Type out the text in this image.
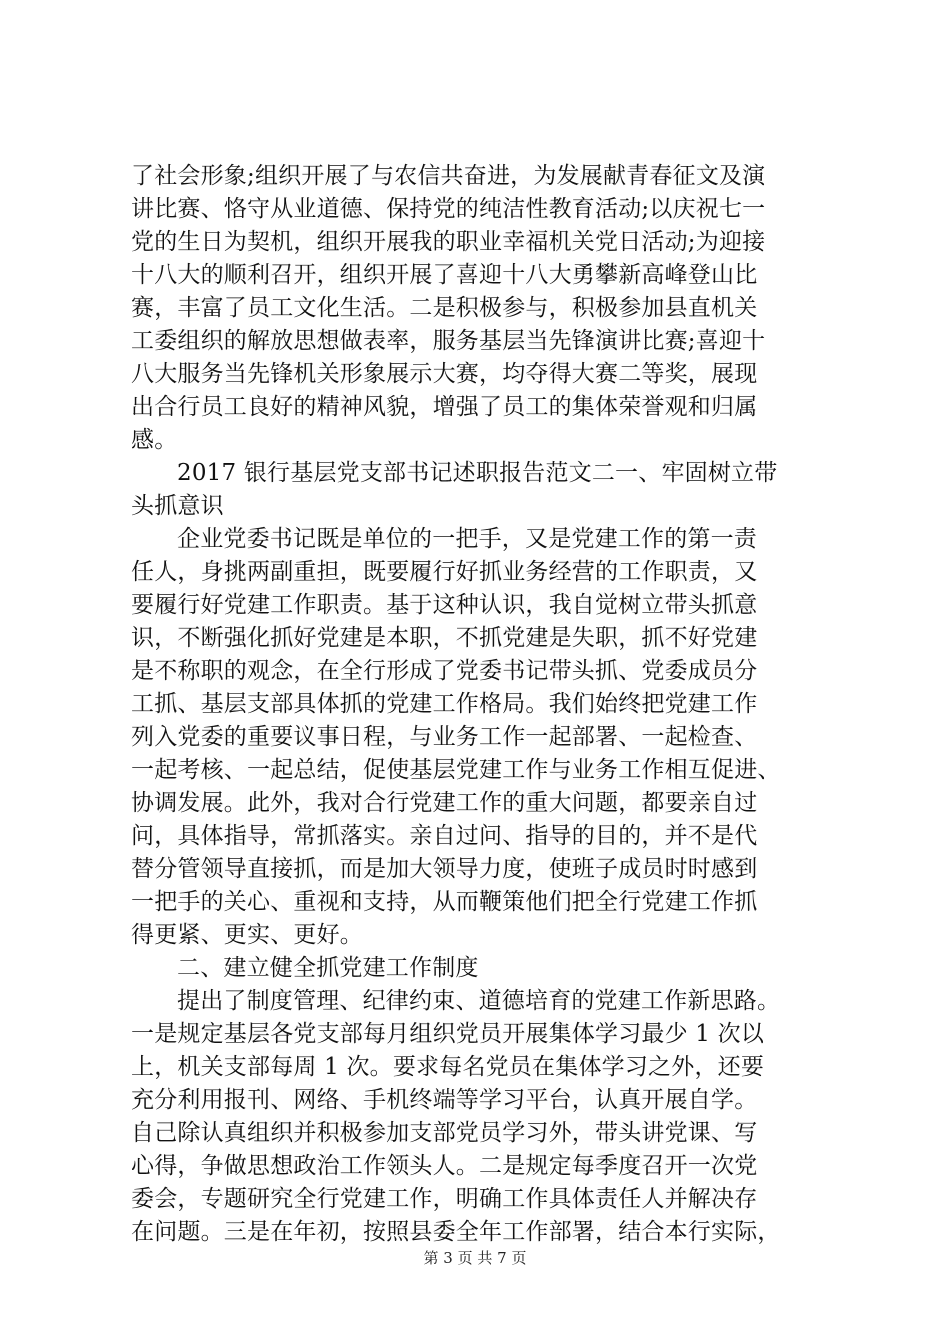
了社会形象;组织开展了与农信共奋进，为发展献青春征文及演
讲比赛、恪守从业道德、保持党的纯洁性教育活动;以庆祝七一
党的生日为契机，组织开展我的职业幸福机关党日活动;为迎接
十八大的顺利召开，组织开展了喜迎十八大勇攀新高峰登山比
赛，丰富了员工文化生活。二是积极参与，积极参加县直机关
工委组织的解放思想做表率，服务基层当先锋演讲比赛;喜迎十
八大服务当先锋机关形象展示大赛，均夺得大赛二等奖，展现
出合行员工良好的精神风貌，增强了员工的集体荣誉观和归属
感。
2017 银行基层党支部书记述职报告范文二一、牢固树立带
头抓意识
企业党委书记既是单位的一把手，又是党建工作的第一责
任人，身挑两副重担，既要履行好抓业务经营的工作职责，又
要履行好党建工作职责。基于这种认识，我自觉树立带头抓意
识，不断强化抓好党建是本职，不抓党建是失职，抓不好党建
是不称职的观念，在全行形成了党委书记带头抓、党委成员分
工抓、基层支部具体抓的党建工作格局。我们始终把党建工作
列入党委的重要议事日程，与业务工作一起部署、一起检查、
一起考核、一起总结，促使基层党建工作与业务工作相互促进、
协调发展。此外，我对合行党建工作的重大问题，都要亲自过
问，具体指导，常抓落实。亲自过问、指导的目的，并不是代
替分管领导直接抓，而是加大领导力度，使班子成员时时感到
一把手的关心、重视和支持，从而鞭策他们把全行党建工作抓
得更紧、更实、更好。
二、建立健全抓党建工作制度
提出了制度管理、纪律约束、道德培育的党建工作新思路。
一是规定基层各党支部每月组织党员开展集体学习最少 1 次以
上，机关支部每周 1 次。要求每名党员在集体学习之外，还要
充分利用报刊、网络、手机终端等学习平台，认真开展自学。
自己除认真组织并积极参加支部党员学习外，带头讲党课、写
心得，争做思想政治工作领头人。二是规定每季度召开一次党
委会，专题研究全行党建工作，明确工作具体责任人并解决存
在问题。三是在年初，按照县委全年工作部署，结合本行实际，
第 3 页 共 7 页
